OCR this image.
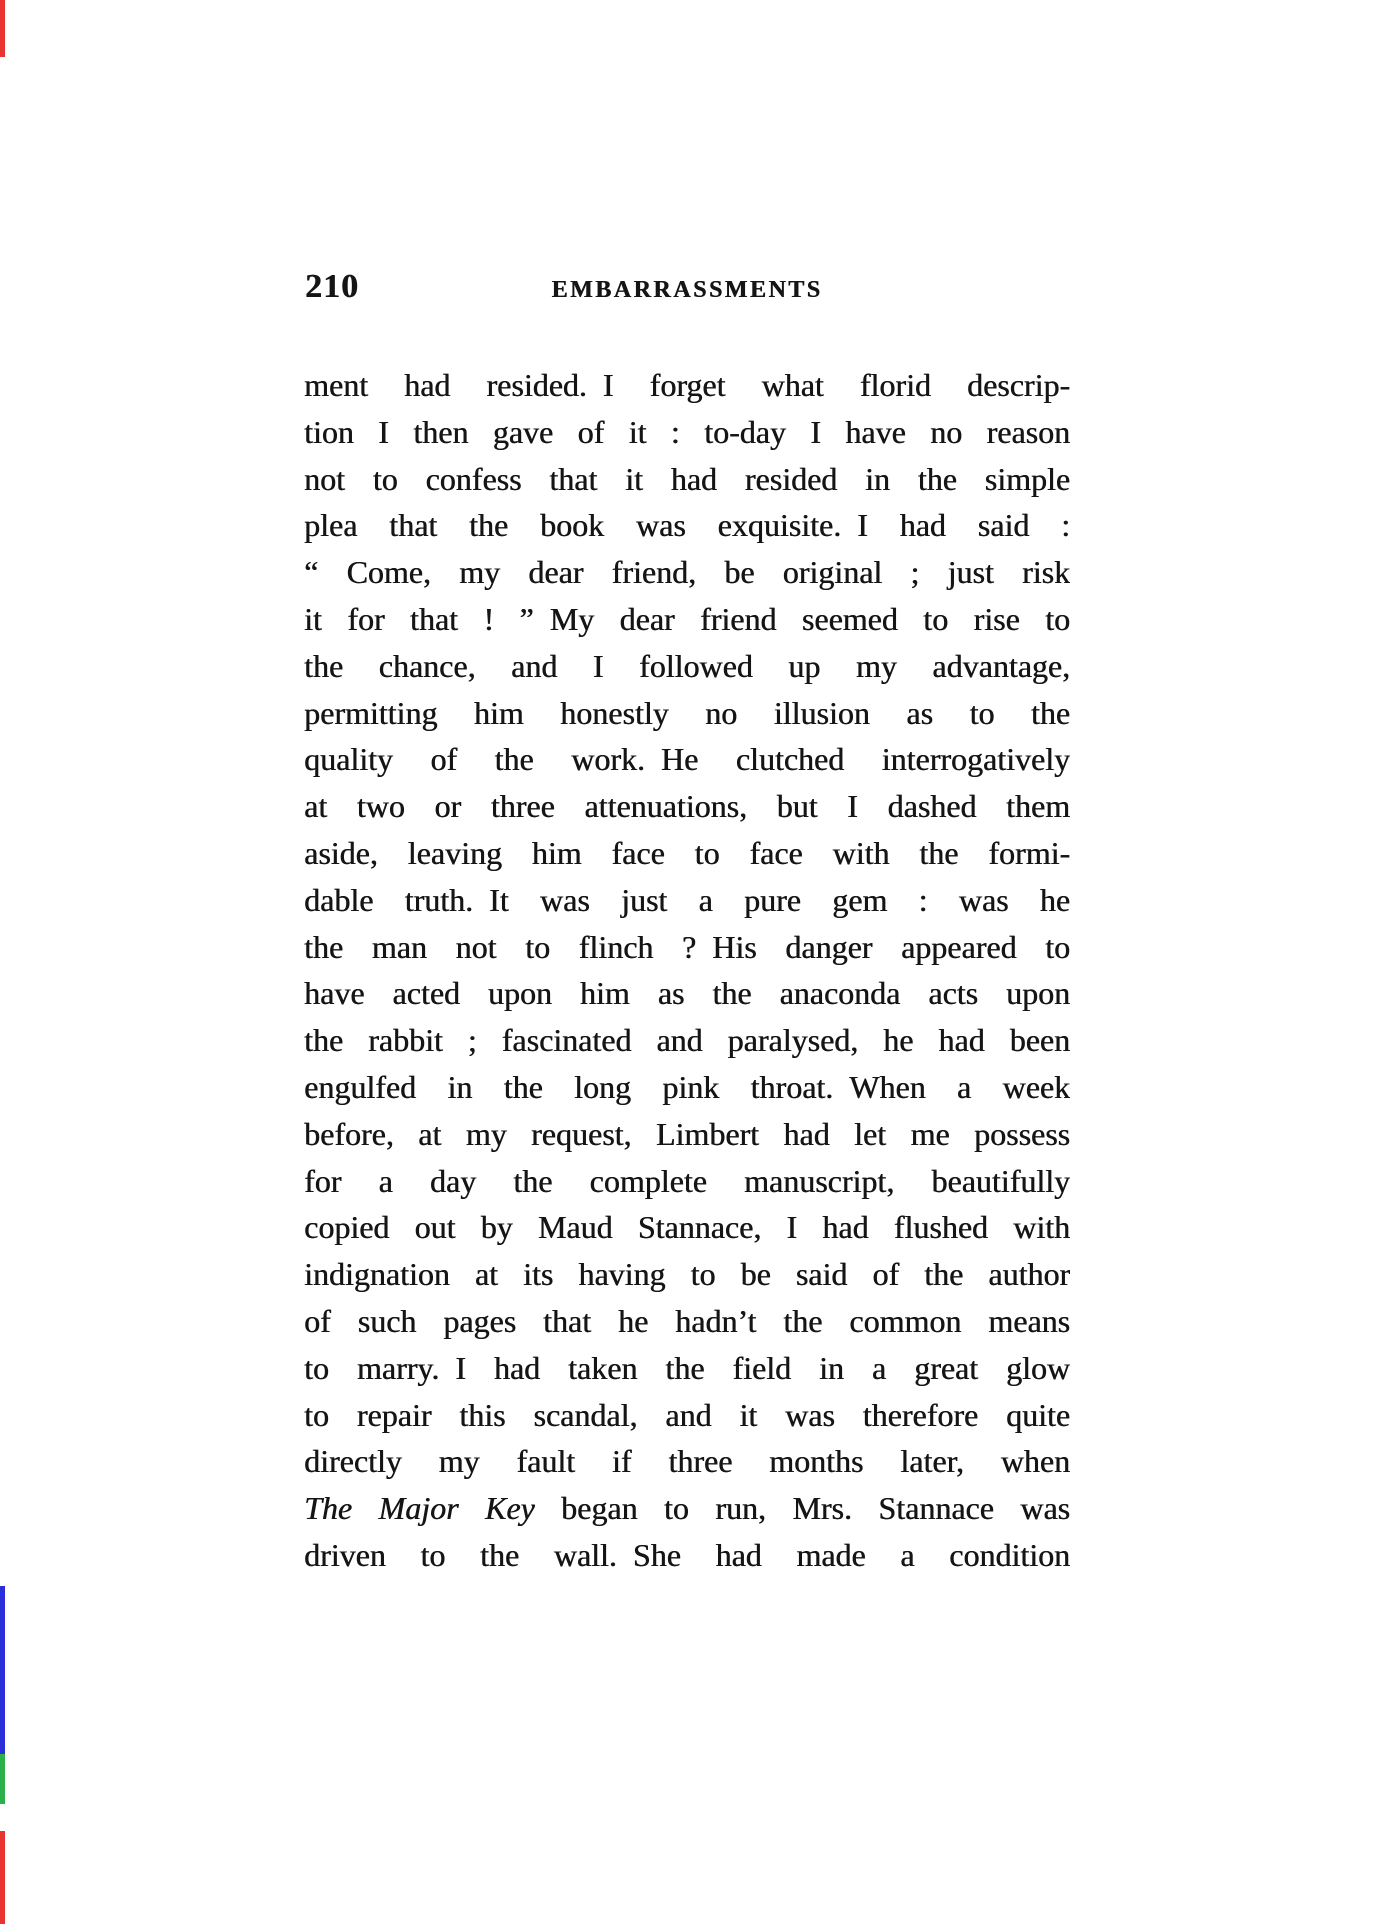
210	EMBARRASSMENTS
ment had resided. I forget what florid descrip-
tion I then gave of it : to-day I have no reason
not to confess that it had resided in the simple
plea that the book was exquisite. I had said :
“ Come, my dear friend, be original ; just risk
it for that ! ” My dear friend seemed to rise to
the chance, and I followed up my advantage,
permitting him honestly no illusion as to the
quality of the work. He clutched interrogatively
at two or three attenuations, but I dashed them
aside, leaving him face to face with the formi-
dable truth. It was just a pure gem : was he
the man not to flinch ? His danger appeared to
have acted upon him as the anaconda acts upon
the rabbit ; fascinated and paralysed, he had been
engulfed in the long pink throat. When a week
before, at my request, Limbert had let me possess
for a day the complete manuscript, beautifully
copied out by Maud Stannace, I had flushed with
indignation at its having to be said of the author
of such pages that he hadn’t the common means
to marry. I had taken the field in a great glow
to repair this scandal, and it was therefore quite
directly my fault if three months later, when
The Major Key began to run, Mrs. Stannace was
driven to the wall. She had made a condition
